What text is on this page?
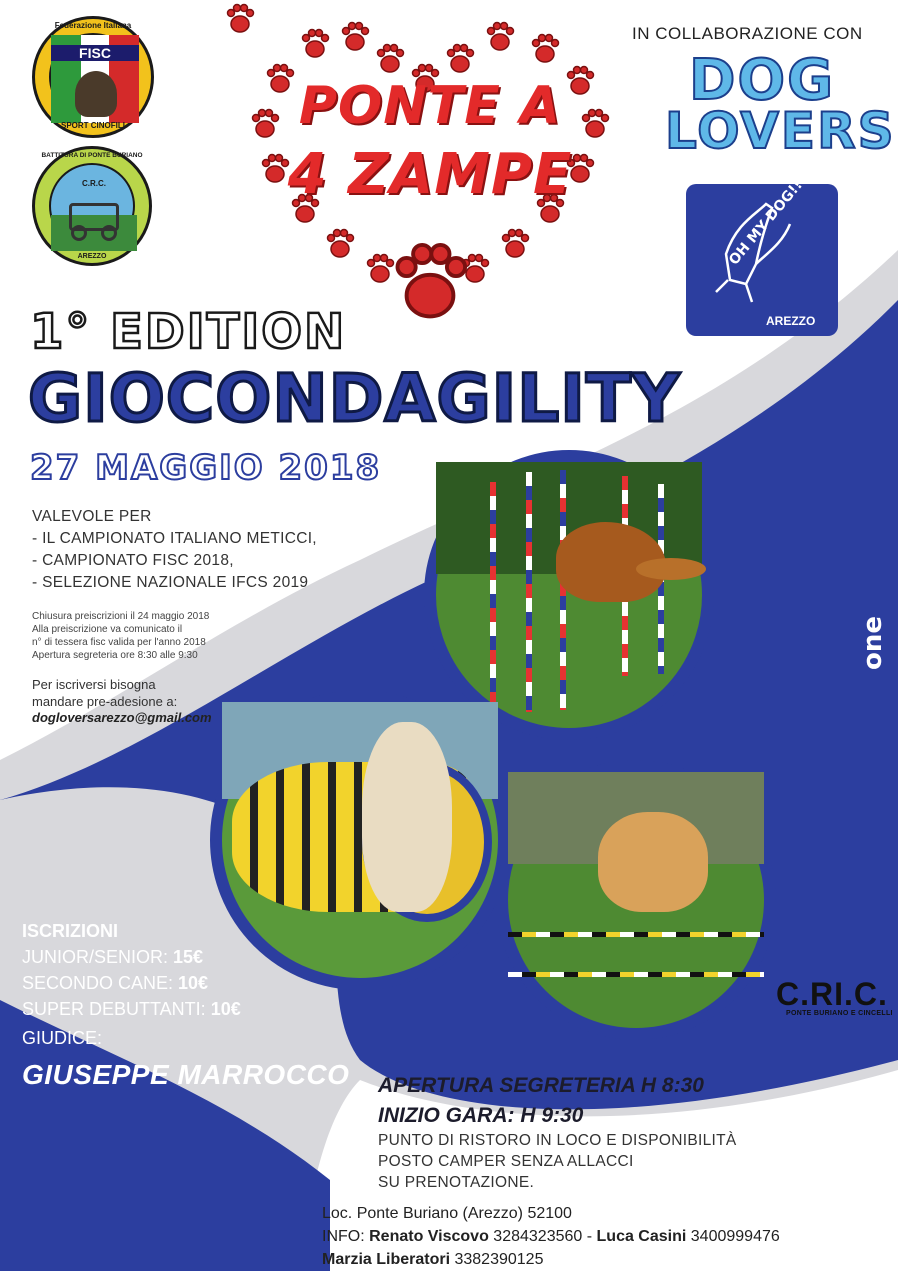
FISC
Federazione Italiana
SPORT CINOFILI
C.R.C.
BATTITURA DI PONTE BURIANO
AREZZO
PONTE A
4 ZAMPE
IN COLLABORAZIONE CON
DOG
LOVERS
OH MY DOG!!!
AREZZO
1° EDITION
GIOCONDAGILITY
27 MAGGIO 2018
VALEVOLE PER
- IL CAMPIONATO ITALIANO METICCI,
- CAMPIONATO FISC 2018,
- SELEZIONE NAZIONALE IFCS 2019
Chiusura preiscrizioni il 24 maggio 2018
Alla preiscrizione va comunicato il
n° di tessera fisc valida per l'anno 2018
Apertura segreteria ore 8:30 alle 9:30
Per iscriversi bisogna
mandare pre-adesione a:
dogloversarezzo@gmail.com
one creative lab
ISCRIZIONI
JUNIOR/SENIOR: 15€
SECONDO CANE: 10€
SUPER DEBUTTANTI: 10€
GIUDICE:
GIUSEPPE MARROCCO
C.RI.C.
PONTE BURIANO E CINCELLI
APERTURA SEGRETERIA H 8:30
INIZIO GARA: H 9:30
PUNTO DI RISTORO IN LOCO E DISPONIBILITÀ
POSTO CAMPER SENZA ALLACCI
SU PRENOTAZIONE.
Loc. Ponte Buriano (Arezzo) 52100
INFO: Renato Viscovo 3284323560 - Luca Casini 3400999476
Marzia Liberatori 3382390125
